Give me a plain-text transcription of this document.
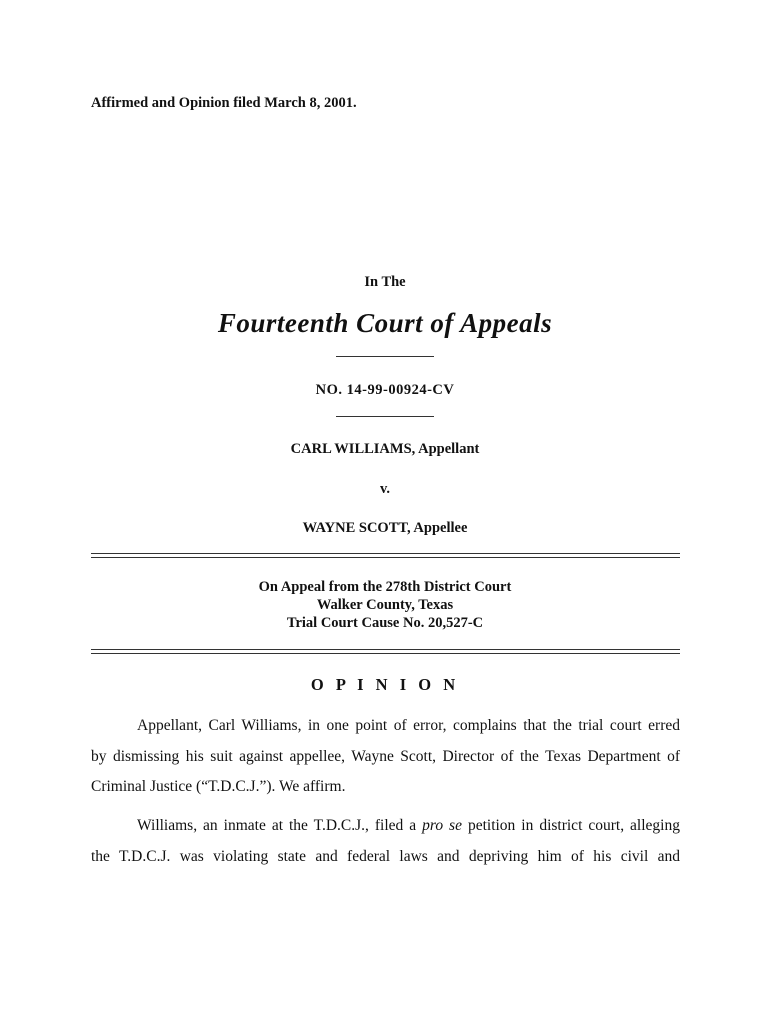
Affirmed and Opinion filed March 8, 2001.
In The
Fourteenth Court of Appeals
NO. 14-99-00924-CV
CARL WILLIAMS, Appellant
v.
WAYNE SCOTT, Appellee
On Appeal from the 278th District Court
Walker County, Texas
Trial Court Cause No. 20,527-C
O P I N I O N
Appellant, Carl Williams, in one point of error, complains that the trial court erred
by dismissing his suit against appellee, Wayne Scott, Director of the Texas Department of
Criminal Justice (“T.D.C.J.”). We affirm.
Williams, an inmate at the T.D.C.J., filed a pro se petition in district court, alleging
the T.D.C.J. was violating state and federal laws and depriving him of his civil and
